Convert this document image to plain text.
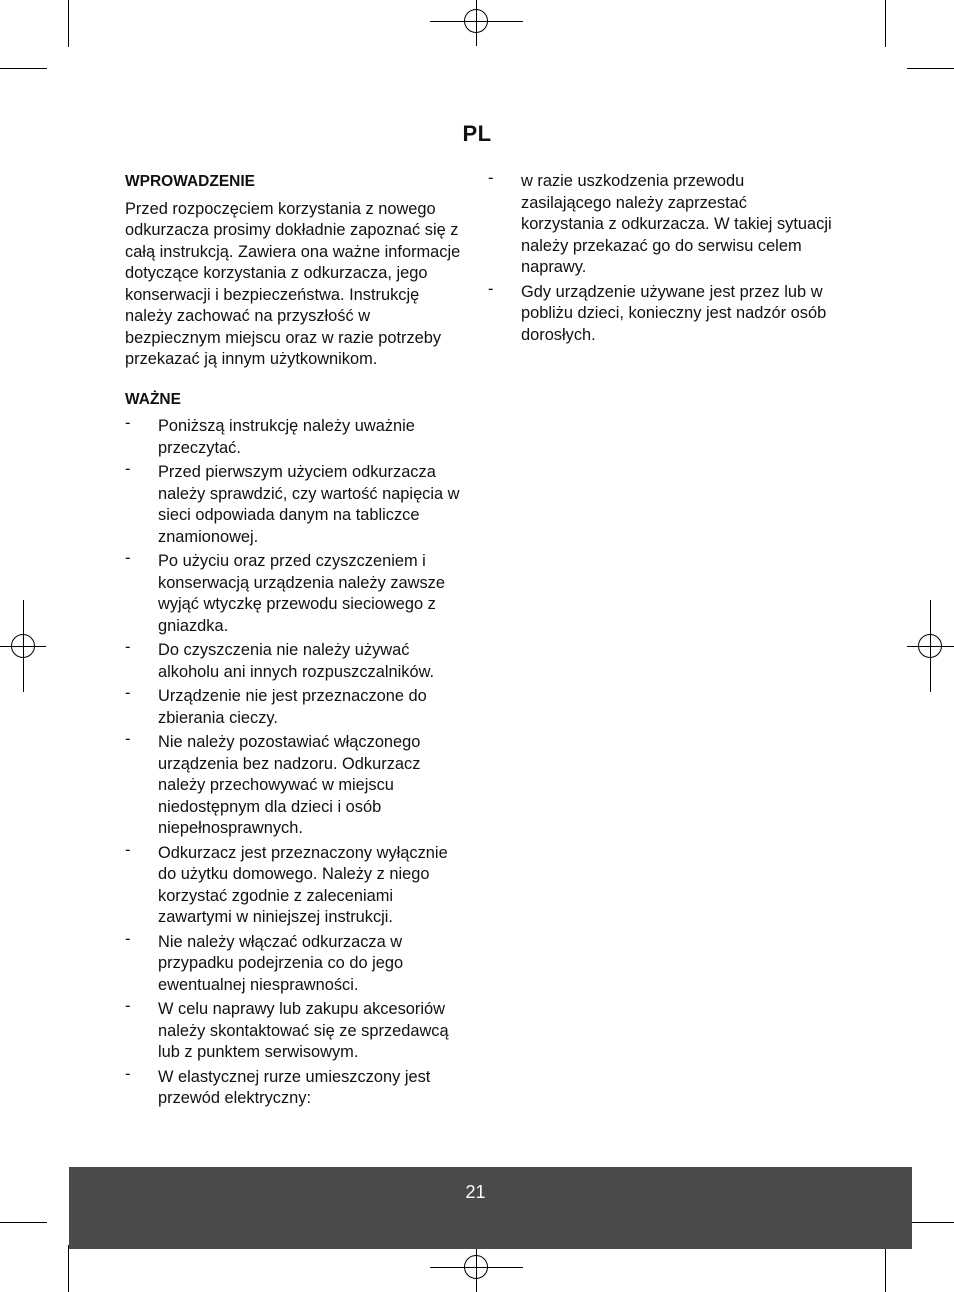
PL
WPROWADZENIE
Przed rozpoczęciem korzystania z nowego odkurzacza prosimy dokładnie zapoznać się z całą instrukcją. Zawiera ona ważne informacje dotyczące korzystania z odkurzacza, jego konserwacji i bezpieczeństwa. Instrukcję należy zachować na przyszłość w bezpiecznym miejscu oraz w razie potrzeby przekazać ją innym użytkownikom.
WAŻNE
- Poniższą instrukcję należy uważnie przeczytać.
- Przed pierwszym użyciem odkurzacza należy sprawdzić, czy wartość napięcia w sieci odpowiada danym na tabliczce znamionowej.
- Po użyciu oraz przed czyszczeniem i konserwacją urządzenia należy zawsze wyjąć wtyczkę przewodu sieciowego z gniazdka.
- Do czyszczenia nie należy używać alkoholu ani innych rozpuszczalników.
- Urządzenie nie jest przeznaczone do zbierania cieczy.
- Nie należy pozostawiać włączonego urządzenia bez nadzoru. Odkurzacz należy przechowywać w miejscu niedostępnym dla dzieci i osób niepełnosprawnych.
- Odkurzacz jest przeznaczony wyłącznie do użytku domowego. Należy z niego korzystać zgodnie z zaleceniami zawartymi w niniejszej instrukcji.
- Nie należy włączać odkurzacza w przypadku podejrzenia co do jego ewentualnej niesprawności.
- W celu naprawy lub zakupu akcesoriów należy skontaktować się ze sprzedawcą lub z punktem serwisowym.
- W elastycznej rurze umieszczony jest przewód elektryczny:
- w razie uszkodzenia przewodu zasilającego należy zaprzestać korzystania z odkurzacza. W takiej sytuacji należy przekazać go do serwisu celem naprawy.
- Gdy urządzenie używane jest przez lub w pobliżu dzieci, konieczny jest nadzór osób dorosłych.
21
